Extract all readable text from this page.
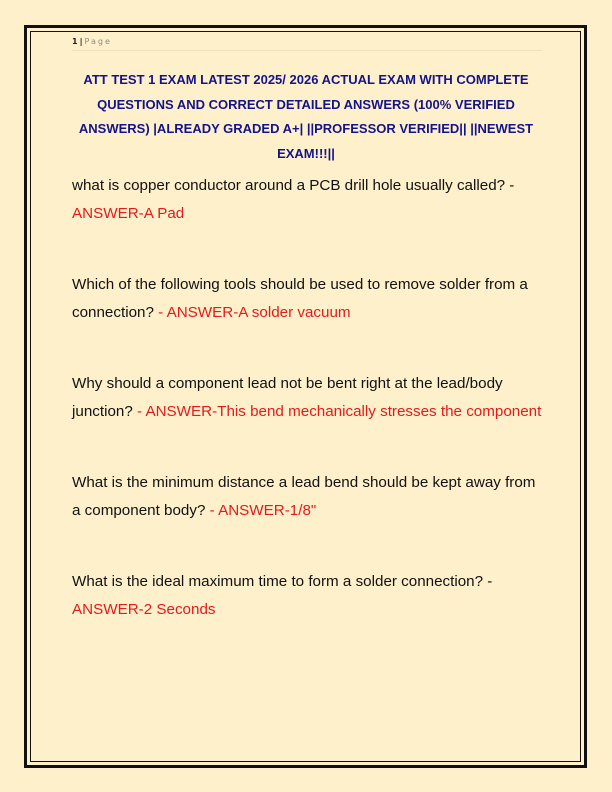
1 | Page
ATT TEST 1 EXAM LATEST 2025/ 2026 ACTUAL EXAM WITH COMPLETE QUESTIONS AND CORRECT DETAILED ANSWERS (100% VERIFIED ANSWERS) |ALREADY GRADED A+| ||PROFESSOR VERIFIED|| ||NEWEST EXAM!!!||

what is copper conductor around a PCB drill hole usually called? -
ANSWER-A Pad

Which of the following tools should be used to remove solder from a connection? - ANSWER-A solder vacuum

Why should a component lead not be bent right at the lead/body junction? - ANSWER-This bend mechanically stresses the component

What is the minimum distance a lead bend should be kept away from a component body? - ANSWER-1/8"

What is the ideal maximum time to form a solder connection? -
ANSWER-2 Seconds
